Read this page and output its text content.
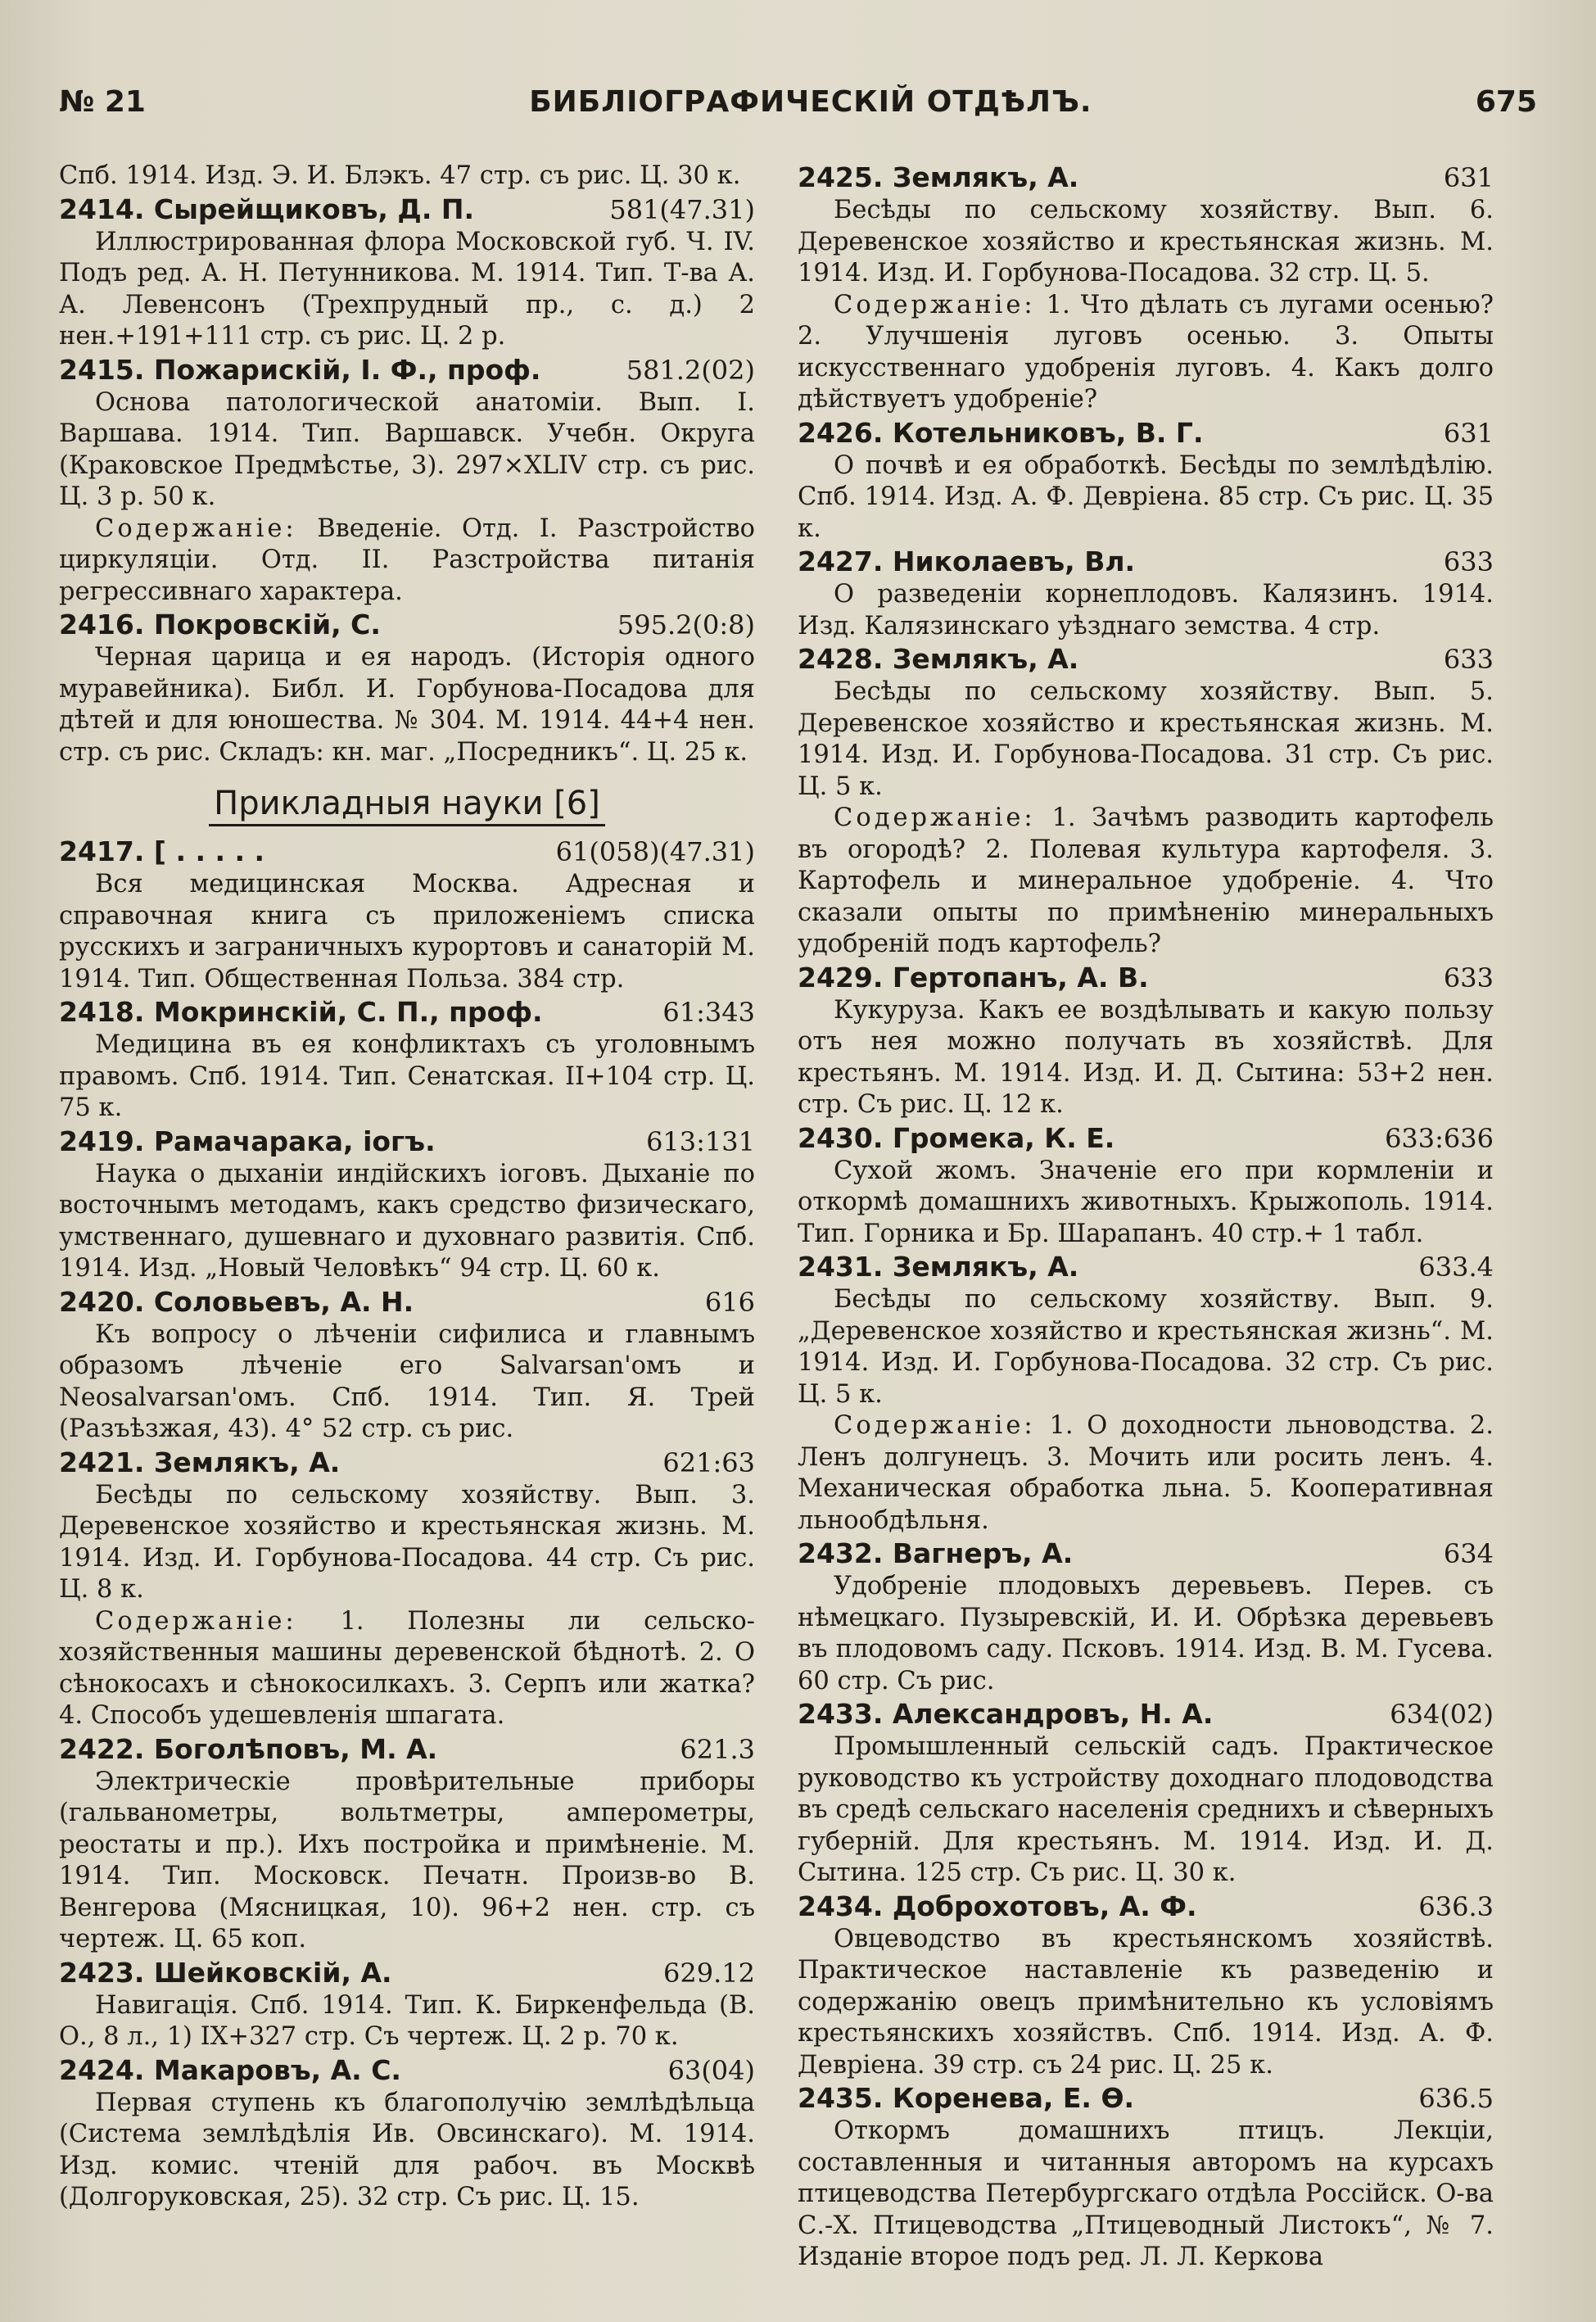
№ 21	БИБЛІОГРАФИЧЕСКІЙ ОТДѢЛЪ.	675

Спб. 1914. Изд. Э. И. Блэкъ. 47 стр. съ рис. Ц. 30 к.

2414. Сырейщиковъ, Д. П.	581(47.31)

Иллюстрированная флора Московской губ. Ч. IV. Подъ ред. А. Н. Петунникова. М. 1914. Тип. Т-ва А. А. Левенсонъ (Трехпрудный пр., с. д.) 2 нен.+191+111 стр. съ рис. Ц. 2 р.

2415. Пожарискій, І. Ф., проф.	581.2(02)

Основа патологической анатоміи. Вып. I. Варшава. 1914. Тип. Варшавск. Учебн. Округа (Краковское Предмѣстье, 3). 297×XLIV стр. съ рис. Ц. 3 р. 50 к.

Содержаніе: Введеніе. Отд. I. Разстройство циркуляціи. Отд. II. Разстройства питанія регрессивнаго характера.

2416. Покровскій, С.	595.2(0:8)

Черная царица и ея народъ. (Исторія одного муравейника). Библ. И. Горбунова-Посадова для дѣтей и для юношества. № 304. М. 1914. 44+4 нен. стр. съ рис. Складъ: кн. маг. „Посредникъ“. Ц. 25 к.

Прикладныя науки [6]
2417. [ . . . . .	61(058)(47.31)

Вся медицинская Москва. Адресная и справочная книга съ приложеніемъ списка русскихъ и заграничныхъ курортовъ и санаторій М. 1914. Тип. Общественная Польза. 384 стр.

2418. Мокринскій, С. П., проф.	61:343

Медицина въ ея конфликтахъ съ уголовнымъ правомъ. Спб. 1914. Тип. Сенатская. II+104 стр. Ц. 75 к.

2419. Рамачарака, іогъ.	613:131

Наука о дыханіи индійскихъ іоговъ. Дыханіе по восточнымъ методамъ, какъ средство физическаго, умственнаго, душевнаго и духовнаго развитія. Спб. 1914. Изд. „Новый Человѣкъ“ 94 стр. Ц. 60 к.

2420. Соловьевъ, А. Н.	616

Къ вопросу о лѣченіи сифилиса и главнымъ образомъ лѣченіе его Salvarsan'омъ и Neosalvarsan'омъ. Спб. 1914. Тип. Я. Трей (Разъѣзжая, 43). 4° 52 стр. съ рис.

2421. Землякъ, А.	621:63

Бесѣды по сельскому хозяйству. Вып. 3. Деревенское хозяйство и крестьянская жизнь. М. 1914. Изд. И. Горбунова-Посадова. 44 стр. Съ рис. Ц. 8 к.

Содержаніе: 1. Полезны ли сельско-хозяйственныя машины деревенской бѣднотѣ. 2. О сѣнокосахъ и сѣнокосилкахъ. 3. Серпъ или жатка? 4. Способъ удешевленія шпагата.

2422. Боголѣповъ, М. А.	621.3

Электрическіе провѣрительные приборы (гальванометры, вольтметры, амперометры, реостаты и пр.). Ихъ постройка и примѣненіе. М. 1914. Тип. Московск. Печатн. Произв-во В. Венгерова (Мясницкая, 10). 96+2 нен. стр. съ чертеж. Ц. 65 коп.

2423. Шейковскій, А.	629.12

Навигація. Спб. 1914. Тип. К. Биркенфельда (В. О., 8 л., 1) IX+327 стр. Съ чертеж. Ц. 2 р. 70 к.

2424. Макаровъ, А. С.	63(04)

Первая ступень къ благополучію землѣдѣльца (Система землѣдѣлія Ив. Овсинскаго). М. 1914. Изд. комис. чтеній для рабоч. въ Москвѣ (Долгоруковская, 25). 32 стр. Съ рис. Ц. 15.

2425. Землякъ, А.	631

Бесѣды по сельскому хозяйству. Вып. 6. Деревенское хозяйство и крестьянская жизнь. М. 1914. Изд. И. Горбунова-Посадова. 32 стр. Ц. 5.

Содержаніе: 1. Что дѣлать съ лугами осенью? 2. Улучшенія луговъ осенью. 3. Опыты искусственнаго удобренія луговъ. 4. Какъ долго дѣйствуетъ удобреніе?

2426. Котельниковъ, В. Г.	631

О почвѣ и ея обработкѣ. Бесѣды по землѣдѣлію. Спб. 1914. Изд. А. Ф. Девріена. 85 стр. Съ рис. Ц. 35 к.

2427. Николаевъ, Вл.	633

О разведеніи корнеплодовъ. Калязинъ. 1914. Изд. Калязинскаго уѣзднаго земства. 4 стр.

2428. Землякъ, А.	633

Бесѣды по сельскому хозяйству. Вып. 5. Деревенское хозяйство и крестьянская жизнь. М. 1914. Изд. И. Горбунова-Посадова. 31 стр. Съ рис. Ц. 5 к.

Содержаніе: 1. Зачѣмъ разводить картофель въ огородѣ? 2. Полевая культура картофеля. 3. Картофель и минеральное удобреніе. 4. Что сказали опыты по примѣненію минеральныхъ удобреній подъ картофель?

2429. Гертопанъ, А. В.	633

Кукуруза. Какъ ее воздѣлывать и какую пользу отъ нея можно получать въ хозяйствѣ. Для крестьянъ. М. 1914. Изд. И. Д. Сытина: 53+2 нен. стр. Съ рис. Ц. 12 к.

2430. Громека, К. Е.	633:636

Сухой жомъ. Значеніе его при кормленіи и откормѣ домашнихъ животныхъ. Крыжополь. 1914. Тип. Горника и Бр. Шарапанъ. 40 стр.+ 1 табл.

2431. Землякъ, А.	633.4

Бесѣды по сельскому хозяйству. Вып. 9. „Деревенское хозяйство и крестьянская жизнь“. М. 1914. Изд. И. Горбунова-Посадова. 32 стр. Съ рис. Ц. 5 к.

Содержаніе: 1. О доходности льноводства. 2. Ленъ долгунецъ. 3. Мочить или росить ленъ. 4. Механическая обработка льна. 5. Кооперативная льнообдѣльня.

2432. Вагнеръ, А.	634

Удобреніе плодовыхъ деревьевъ. Перев. съ нѣмецкаго. Пузыревскій, И. И. Обрѣзка деревьевъ въ плодовомъ саду. Псковъ. 1914. Изд. В. М. Гусева. 60 стр. Съ рис.

2433. Александровъ, Н. А.	634(02)

Промышленный сельскій садъ. Практическое руководство къ устройству доходнаго плодоводства въ средѣ сельскаго населенія среднихъ и сѣверныхъ губерній. Для крестьянъ. М. 1914. Изд. И. Д. Сытина. 125 стр. Съ рис. Ц. 30 к.

2434. Доброхотовъ, А. Ф.	636.3

Овцеводство въ крестьянскомъ хозяйствѣ. Практическое наставленіе къ разведенію и содержанію овецъ примѣнительно къ условіямъ крестьянскихъ хозяйствъ. Спб. 1914. Изд. А. Ф. Девріена. 39 стр. съ 24 рис. Ц. 25 к.

2435. Коренева, Е. Ѳ.	636.5

Откормъ домашнихъ птицъ. Лекціи, составленныя и читанныя авторомъ на курсахъ птицеводства Петербургскаго отдѣла Россійск. О-ва С.-Х. Птицеводства „Птицеводный Листокъ“, № 7. Изданіе второе подъ ред. Л. Л. Керкова
